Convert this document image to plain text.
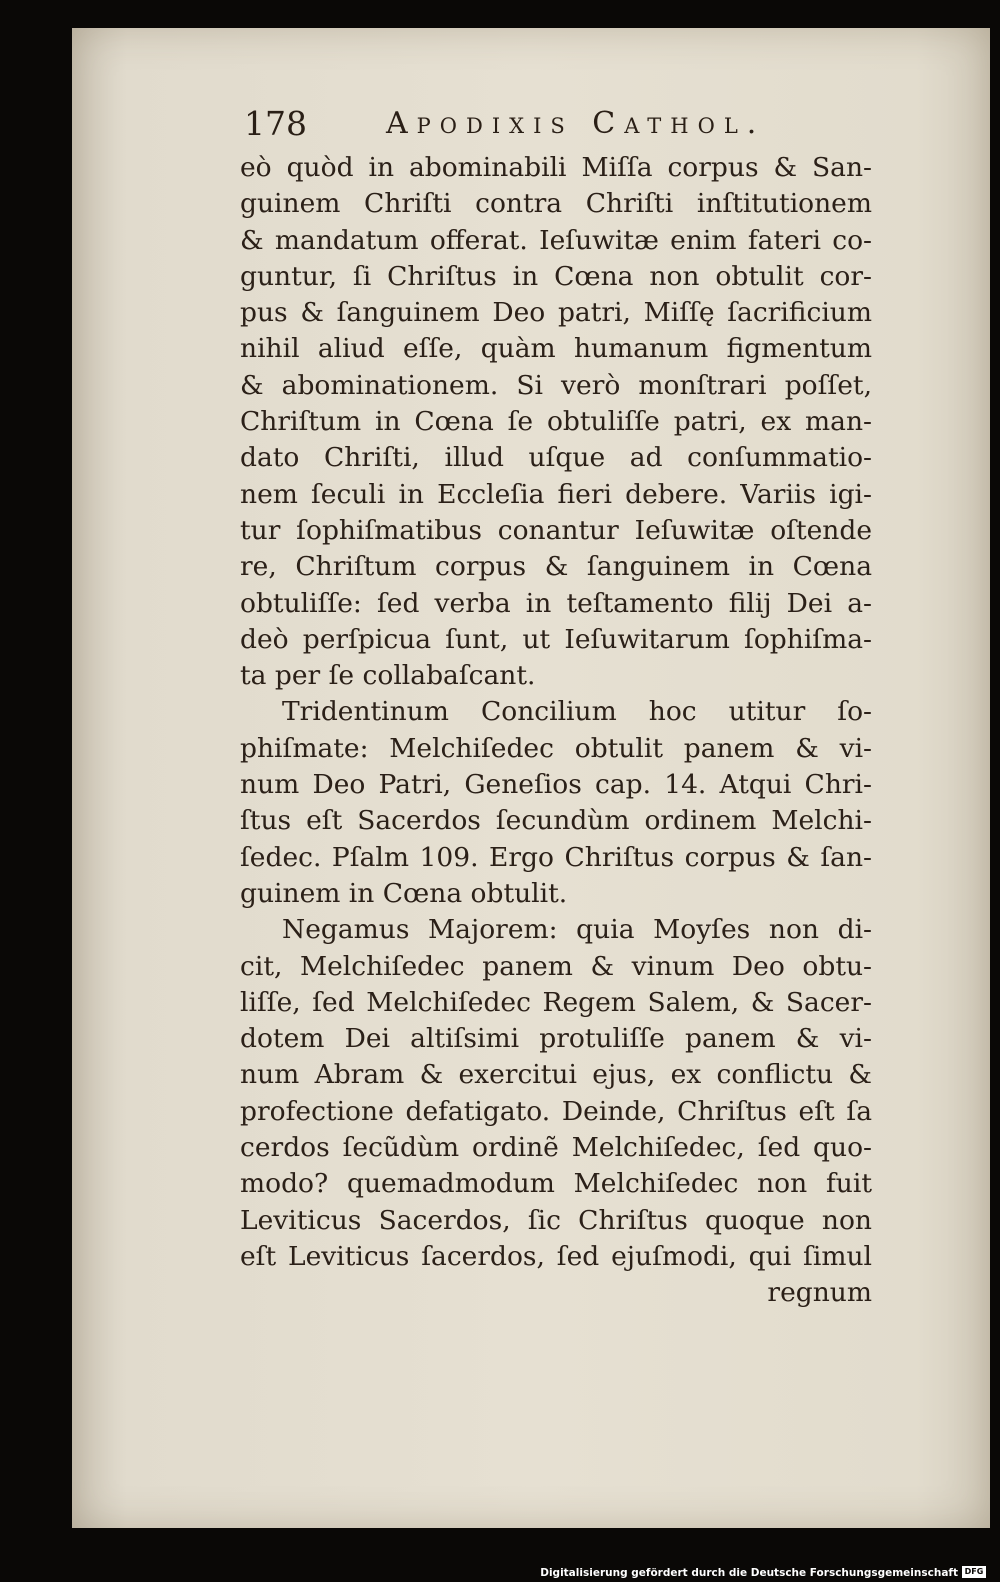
178	Apodixis Cathol.
eò quòd in abominabili Miſſa corpus & San-
guinem Chriſti contra Chriſti inſtitutionem
& mandatum offerat. Ieſuwitæ enim fateri co-
guntur, ſi Chriſtus in Cœna non obtulit cor-
pus & ſanguinem Deo patri, Miſſę ſacrificium
nihil aliud eſſe, quàm humanum figmentum
& abominationem. Si verò monſtrari poſſet,
Chriſtum in Cœna ſe obtuliſſe patri, ex man-
dato Chriſti, illud uſque ad conſummatio-
nem ſeculi in Eccleſia fieri debere. Variis igi-
tur ſophiſmatibus conantur Ieſuwitæ oſtende
re, Chriſtum corpus & ſanguinem in Cœna
obtuliſſe: ſed verba in teſtamento filij Dei a-
deò perſpicua ſunt, ut Ieſuwitarum ſophiſma-
ta per ſe collabaſcant.
Tridentinum Concilium hoc utitur ſo-
phiſmate: Melchiſedec obtulit panem & vi-
num Deo Patri, Geneſios cap. 14. Atqui Chri-
ſtus eſt Sacerdos ſecundùm ordinem Melchi-
ſedec. Pſalm 109. Ergo Chriſtus corpus & ſan-
guinem in Cœna obtulit.
Negamus Majorem: quia Moyſes non di-
cit, Melchiſedec panem & vinum Deo obtu-
liſſe, ſed Melchiſedec Regem Salem, & Sacer-
dotem Dei altiſsimi protuliſſe panem & vi-
num Abram & exercitui ejus, ex conflictu &
profectione defatigato. Deinde, Chriſtus eſt ſa
cerdos ſecũdùm ordinẽ Melchiſedec, ſed quo-
modo? quemadmodum Melchiſedec non fuit
Leviticus Sacerdos, ſic Chriſtus quoque non
eſt Leviticus ſacerdos, ſed ejuſmodi, qui ſimul
regnum
Digitalisierung gefördert durch die Deutsche Forschungsgemeinschaft DFG
